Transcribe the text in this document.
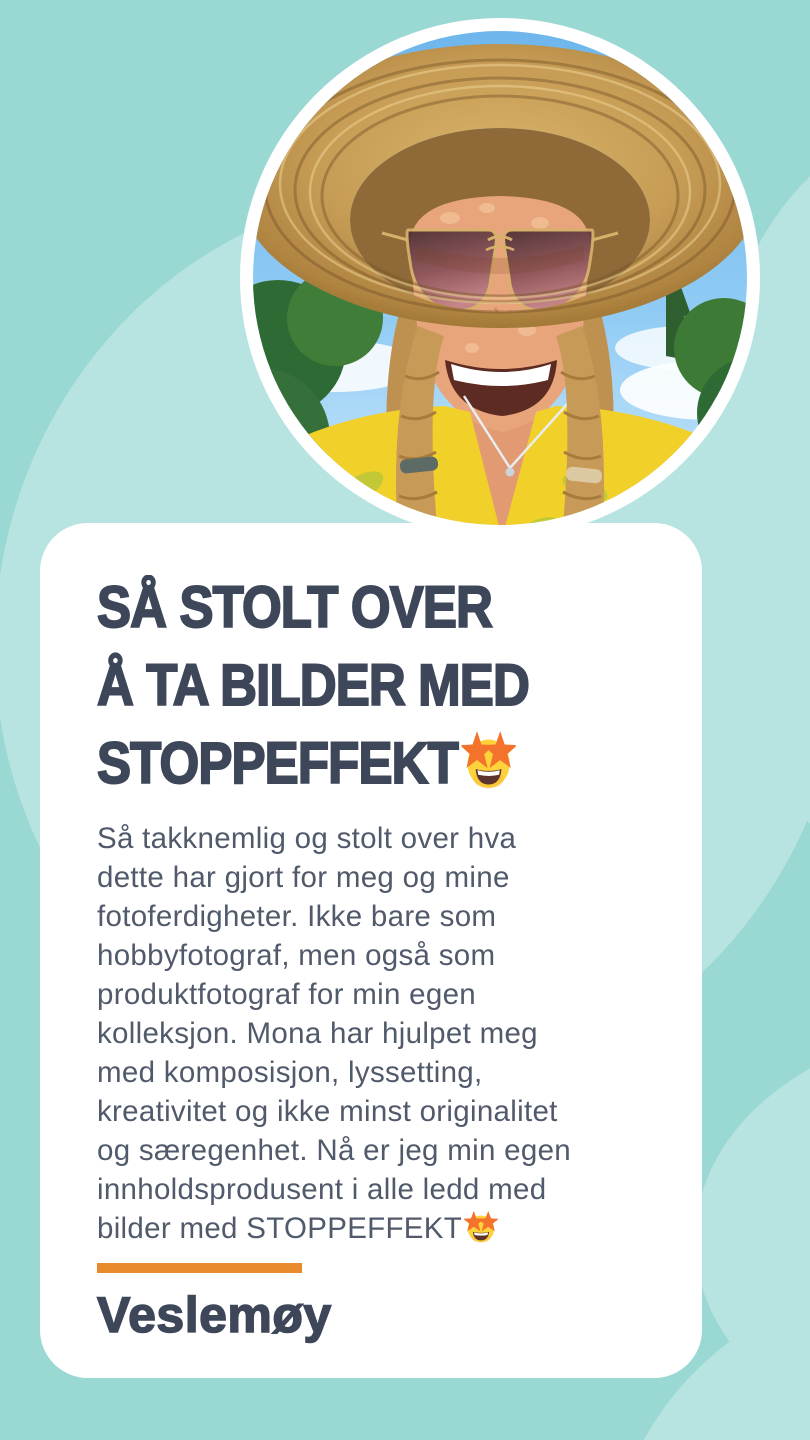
SÅ STOLT OVER
Å TA BILDER MED
STOPPEFFEKT
Så takknemlig og stolt over hva
dette har gjort for meg og mine
fotoferdigheter. Ikke bare som
hobbyfotograf, men også som
produktfotograf for min egen
kolleksjon. Mona har hjulpet meg
med komposisjon, lyssetting,
kreativitet og ikke minst originalitet
og særegenhet. Nå er jeg min egen
innholdsprodusent i alle ledd med
bilder med STOPPEFFEKT
Veslemøy
